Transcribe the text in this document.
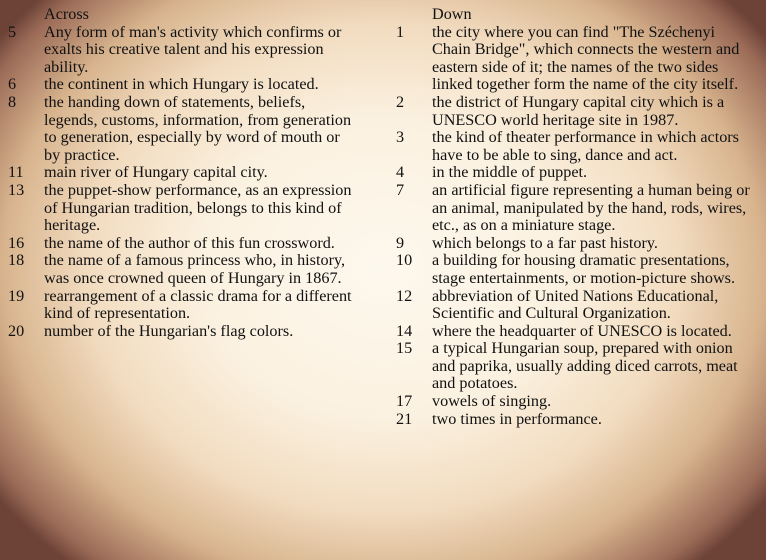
Across
5	Any form of man's activity which confirms or exalts his creative talent and his expression ability.
6	the continent in which Hungary is located.
8	the handing down of statements, beliefs, legends, customs, information, from generation to generation, especially by word of mouth or by practice.
11	main river of Hungary capital city.
13	the puppet-show performance, as an expression of Hungarian tradition, belongs to this kind of heritage.
16	the name of the author of this fun crossword.
18	the name of a famous princess who, in history, was once crowned queen of Hungary in 1867.
19	rearrangement of a classic drama for a different kind of representation.
20	number of the Hungarian's flag colors.
Down
1	the city where you can find "The Széchenyi Chain Bridge", which connects the western and eastern side of it; the names of the two sides linked together form the name of the city itself.
2	the district of Hungary capital city which is a UNESCO world heritage site in 1987.
3	the kind of theater performance in which actors have to be able to sing, dance and act.
4	in the middle of puppet.
7	an artificial figure representing a human being or an animal, manipulated by the hand, rods, wires, etc., as on a miniature stage.
9	which belongs to a far past history.
10	a building for housing dramatic presentations, stage entertainments, or motion-picture shows.
12	abbreviation of United Nations Educational, Scientific and Cultural Organization.
14	where the headquarter of UNESCO is located.
15	a typical Hungarian soup, prepared with onion and paprika, usually adding diced carrots, meat and potatoes.
17	vowels of singing.
21	two times in performance.
